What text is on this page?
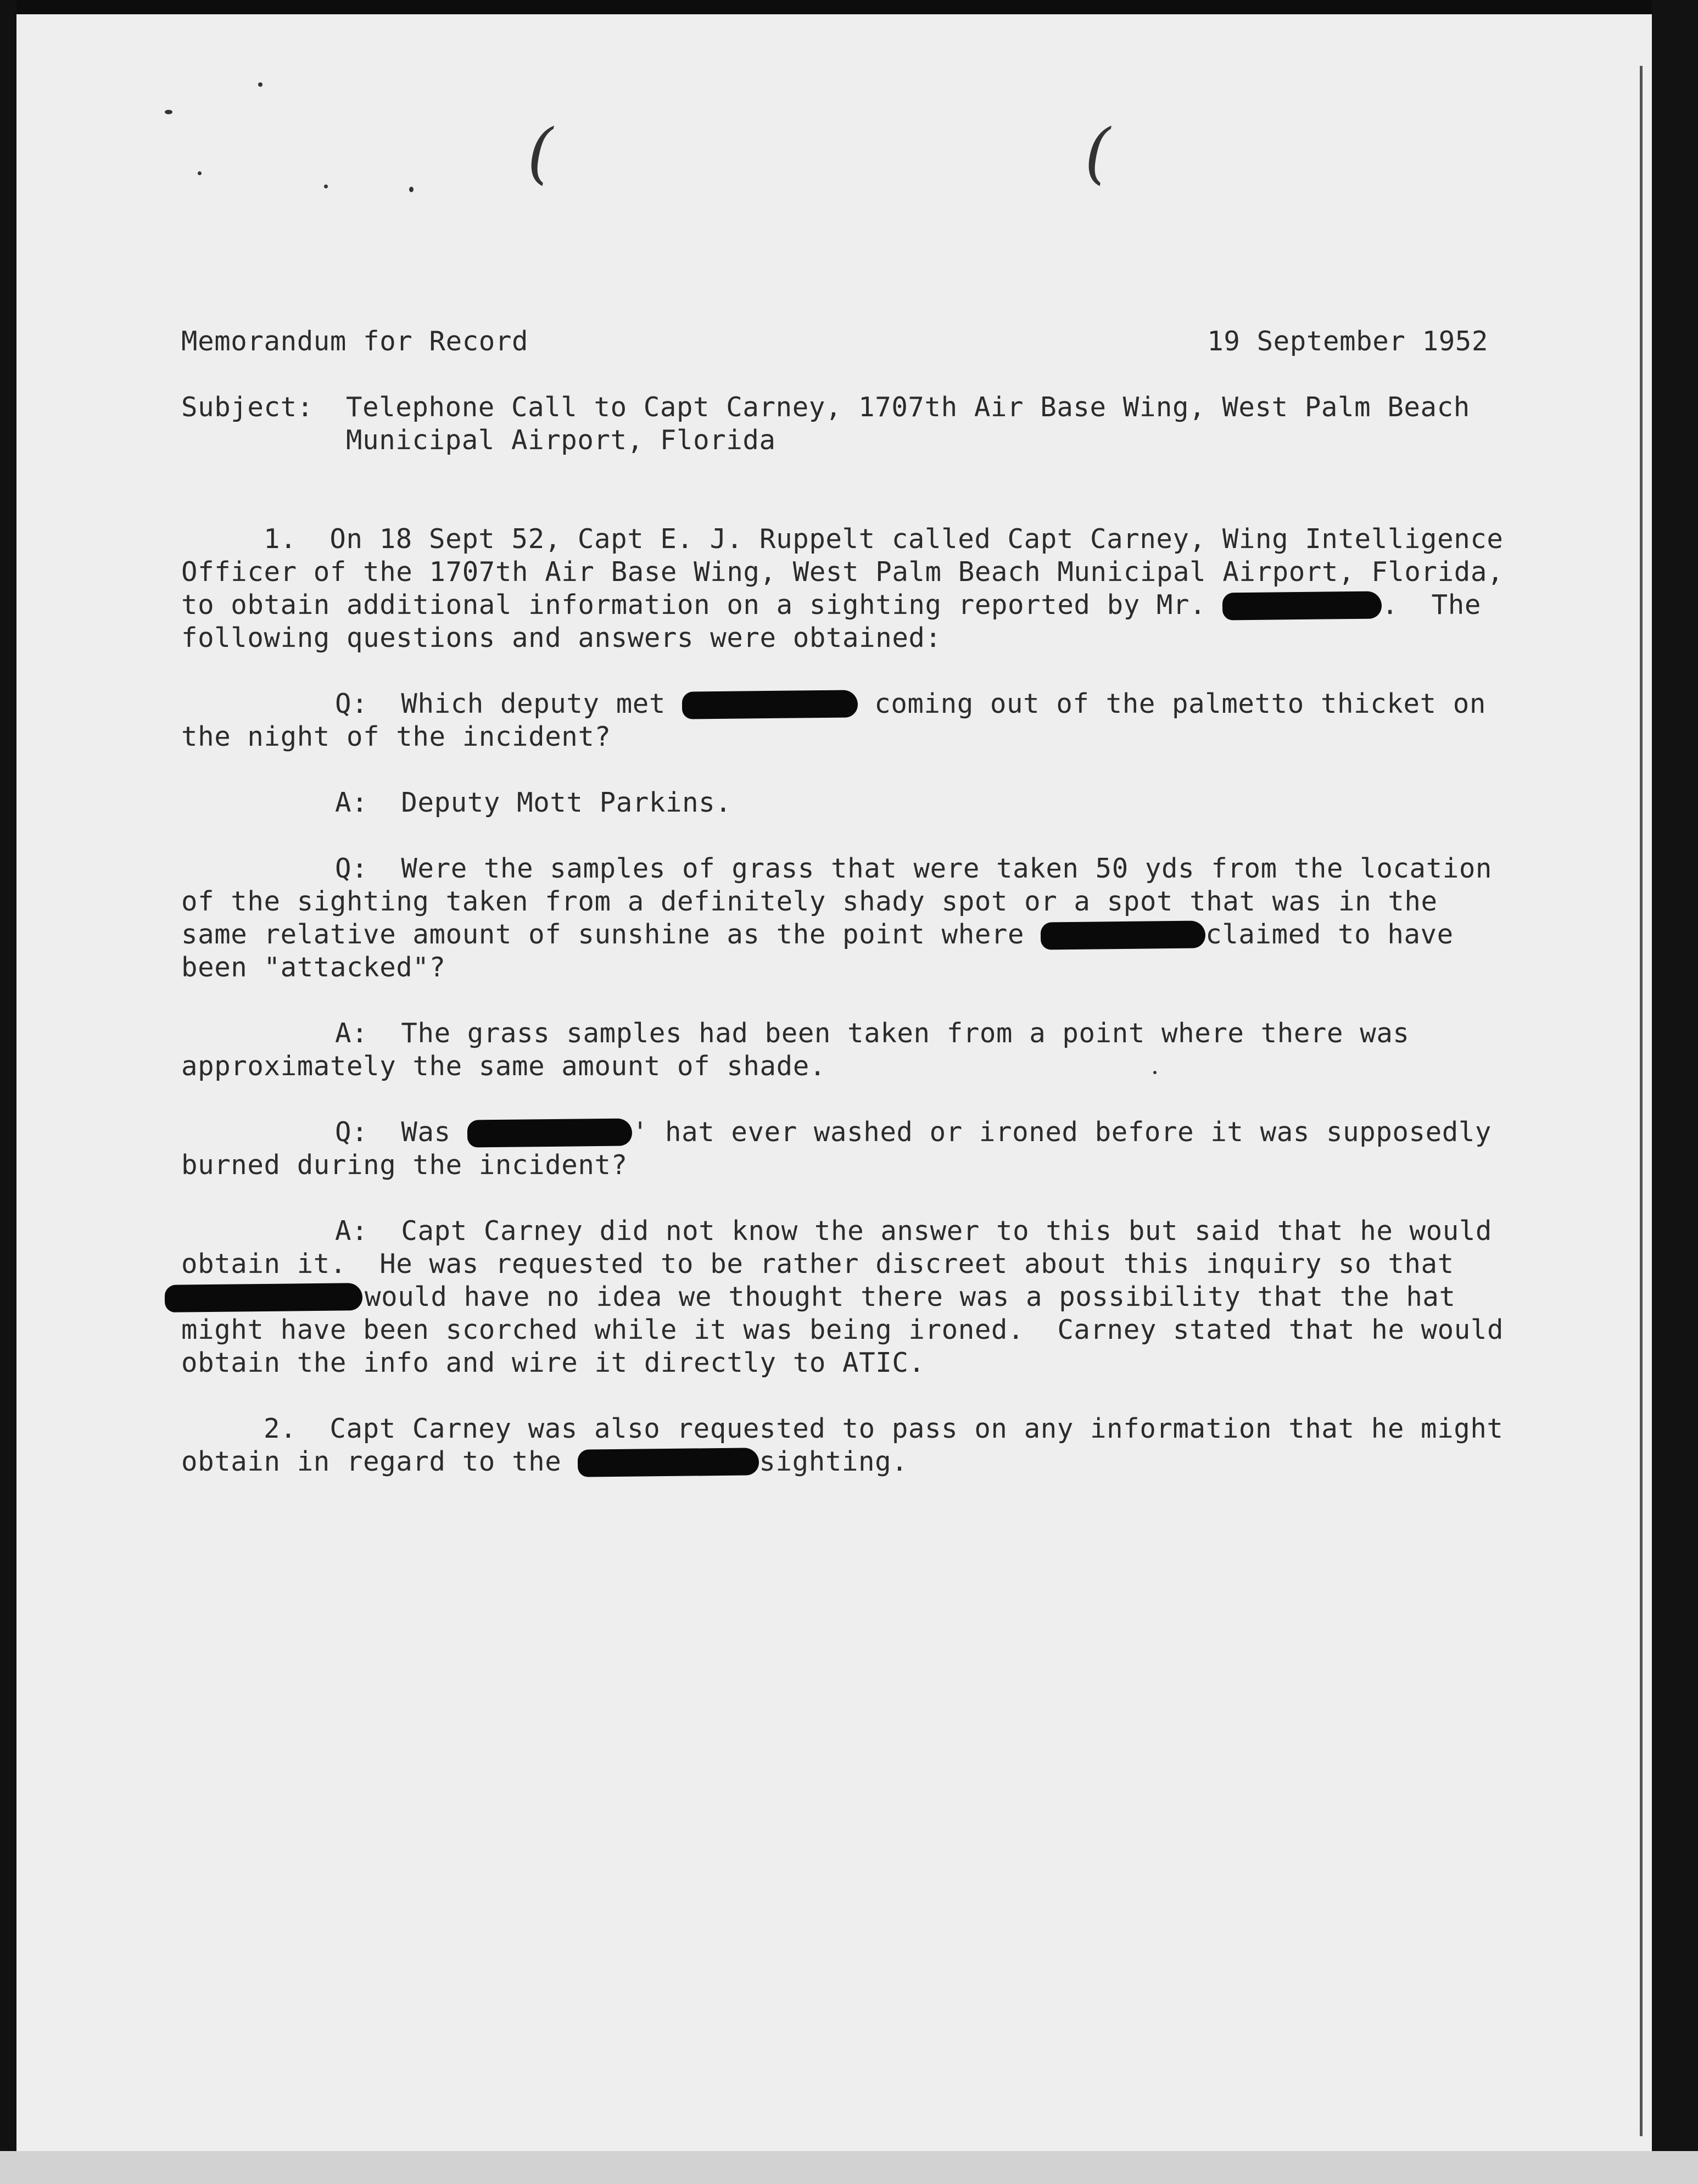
(	(
Memorandum for Record	19 September 1952
Subject:	Telephone Call to Capt Carney, 1707th Air Base Wing, West Palm Beach
Municipal Airport, Florida
1.  On 18 Sept 52, Capt E. J. Ruppelt called Capt Carney, Wing Intelligence
Officer of the 1707th Air Base Wing, West Palm Beach Municipal Airport, Florida,
to obtain additional information on a sighting reported by Mr.	.  The
following questions and answers were obtained:
Q:  Which deputy met	coming out of the palmetto thicket on
the night of the incident?
A:  Deputy Mott Parkins.
Q:  Were the samples of grass that were taken 50 yds from the location
of the sighting taken from a definitely shady spot or a spot that was in the
same relative amount of sunshine as the point where	claimed to have
been "attacked"?
A:  The grass samples had been taken from a point where there was
approximately the same amount of shade.
Q:  Was	' hat ever washed or ironed before it was supposedly
burned during the incident?
A:  Capt Carney did not know the answer to this but said that he would
obtain it.  He was requested to be rather discreet about this inquiry so that
would have no idea we thought there was a possibility that the hat
might have been scorched while it was being ironed.  Carney stated that he would
obtain the info and wire it directly to ATIC.
2.  Capt Carney was also requested to pass on any information that he might
obtain in regard to the	sighting.
